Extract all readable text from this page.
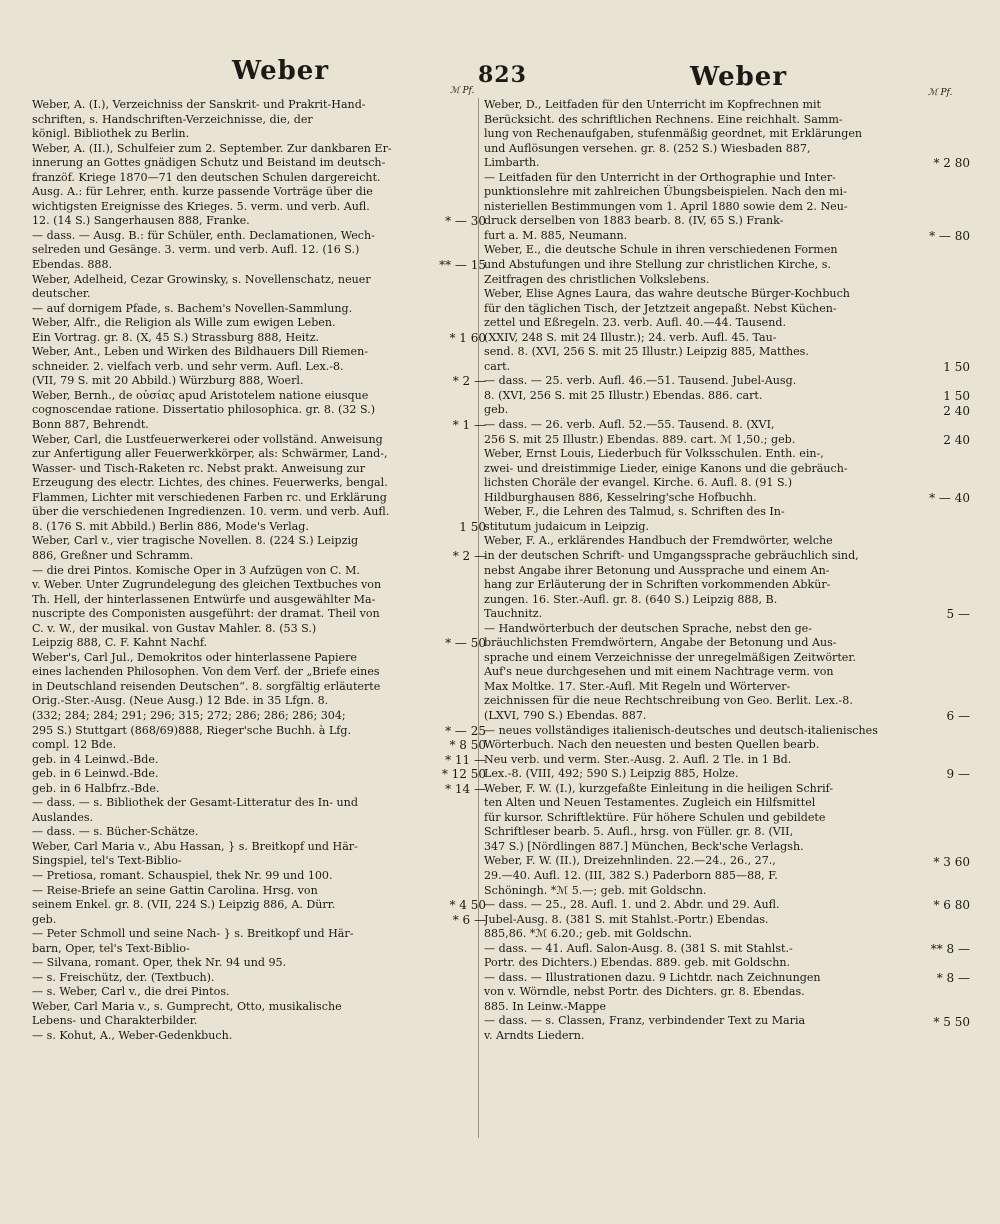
Weber	823	Weber
Weber, A. (I.), Verzeichniss der Sanskrit- und Prakrit-Hand-
schriften, s. Handschriften-Verzeichnisse, die, der
königl. Bibliothek zu Berlin.
Weber, A. (II.), Schulfeier zum 2. September. Zur dankbaren Er-
innerung an Gottes gnädigen Schutz und Beistand im deutsch-
franzöf. Kriege 1870—71 den deutschen Schulen dargereicht.
Ausg. A.: für Lehrer, enth. kurze passende Vorträge über die
wichtigsten Ereignisse des Krieges. 5. verm. und verb. Aufl.
12. (14 S.) Sangerhausen 888, Franke.
— dass. — Ausg. B.: für Schüler, enth. Declamationen, Wech-
selreden und Gesänge. 3. verm. und verb. Aufl. 12. (16 S.)
Ebendas. 888.
Weber, Adelheid, Cezar Growinsky, s. Novellenschatz, neuer
deutscher.
— auf dornigem Pfade, s. Bachem's Novellen-Sammlung.
Weber, Alfr., die Religion als Wille zum ewigen Leben.
Ein Vortrag. gr. 8. (X, 45 S.) Strassburg 888, Heitz.
Weber, Ant., Leben und Wirken des Bildhauers Dill Riemen-
schneider. 2. vielfach verb. und sehr verm. Aufl. Lex.-8.
(VII, 79 S. mit 20 Abbild.) Würzburg 888, Woerl.
Weber, Bernh., de οὐσίας apud Aristotelem natione eiusque
cognoscendae ratione. Dissertatio philosophica. gr. 8. (32 S.)
Bonn 887, Behrendt.
Weber, Carl, die Lustfeuerwerkerei oder vollständ. Anweisung
zur Anfertigung aller Feuerwerkkörper, als: Schwärmer, Land-,
Wasser- und Tisch-Raketen rc. Nebst prakt. Anweisung zur
Erzeugung des electr. Lichtes, des chines. Feuerwerks, bengal.
Flammen, Lichter mit verschiedenen Farben rc. und Erklärung
über die verschiedenen Ingredienzen. 10. verm. und verb. Aufl.
8. (176 S. mit Abbild.) Berlin 886, Mode's Verlag.
Weber, Carl v., vier tragische Novellen. 8. (224 S.) Leipzig
886, Greßner und Schramm.
— die drei Pintos. Komische Oper in 3 Aufzügen von C. M.
v. Weber. Unter Zugrundelegung des gleichen Textbuches von
Th. Hell, der hinterlassenen Entwürfe und ausgewählter Ma-
nuscripte des Componisten ausgeführt: der dramat. Theil von
C. v. W., der musikal. von Gustav Mahler. 8. (53 S.)
Leipzig 888, C. F. Kahnt Nachf.
Weber's, Carl Jul., Demokritos oder hinterlassene Papiere
eines lachenden Philosophen. Von dem Verf. der „Briefe eines
in Deutschland reisenden Deutschen“. 8. sorgfältig erläuterte
Orig.-Ster.-Ausg. (Neue Ausg.) 12 Bde. in 35 Lfgn. 8.
(332; 284; 284; 291; 296; 315; 272; 286; 286; 286; 304;
295 S.) Stuttgart (868/69)888, Rieger'sche Buchh. à Lfg.
compl. 12 Bde.
geb. in 4 Leinwd.-Bde.
geb. in 6 Leinwd.-Bde.
geb. in 6 Halbfrz.-Bde.
— dass. — s. Bibliothek der Gesamt-Litteratur des In- und
Auslandes.
— dass. — s. Bücher-Schätze.
Weber, Carl Maria v., Abu Hassan, } s. Breitkopf und Här-
Singspiel, tel's Text-Biblio-
— Pretiosa, romant. Schauspiel, thek Nr. 99 und 100.
— Reise-Briefe an seine Gattin Carolina. Hrsg. von
seinem Enkel. gr. 8. (VII, 224 S.) Leipzig 886, A. Dürr.
geb.
— Peter Schmoll und seine Nach- } s. Breitkopf und Här-
barn, Oper, tel's Text-Biblio-
— Silvana, romant. Oper, thek Nr. 94 und 95.
— s. Freischütz, der. (Textbuch).
— s. Weber, Carl v., die drei Pintos.
Weber, Carl Maria v., s. Gumprecht, Otto, musikalische
Lebens- und Charakterbilder.
— s. Kohut, A., Weber-Gedenkbuch.
ℳ Pf.
* — 30
** — 15
* 1 60
* 2 —
* 1 —
1 50
* 2 —
* — 50
* — 25
* 8 50
* 11 —
* 12 50
* 14 —
* 4 50
* 6 —
Weber, D., Leitfaden für den Unterricht im Kopfrechnen mit
Berücksicht. des schriftlichen Rechnens. Eine reichhalt. Samm-
lung von Rechenaufgaben, stufenmäßig geordnet, mit Erklärungen
und Auflösungen versehen. gr. 8. (252 S.) Wiesbaden 887,
Limbarth.
— Leitfaden für den Unterricht in der Orthographie und Inter-
punktionslehre mit zahlreichen Übungsbeispielen. Nach den mi-
nisteriellen Bestimmungen vom 1. April 1880 sowie dem 2. Neu-
druck derselben von 1883 bearb. 8. (IV, 65 S.) Frank-
furt a. M. 885, Neumann.
Weber, E., die deutsche Schule in ihren verschiedenen Formen
und Abstufungen und ihre Stellung zur christlichen Kirche, s.
Zeitfragen des christlichen Volkslebens.
Weber, Elise Agnes Laura, das wahre deutsche Bürger-Kochbuch
für den täglichen Tisch, der Jetztzeit angepaßt. Nebst Küchen-
zettel und Eßregeln. 23. verb. Aufl. 40.—44. Tausend.
(XXIV, 248 S. mit 24 Illustr.); 24. verb. Aufl. 45. Tau-
send. 8. (XVI, 256 S. mit 25 Illustr.) Leipzig 885, Matthes.
cart.
— dass. — 25. verb. Aufl. 46.—51. Tausend. Jubel-Ausg.
8. (XVI, 256 S. mit 25 Illustr.) Ebendas. 886. cart.
geb.
— dass. — 26. verb. Aufl. 52.—55. Tausend. 8. (XVI,
256 S. mit 25 Illustr.) Ebendas. 889. cart. ℳ 1,50.; geb.
Weber, Ernst Louis, Liederbuch für Volksschulen. Enth. ein-,
zwei- und dreistimmige Lieder, einige Kanons und die gebräuch-
lichsten Choräle der evangel. Kirche. 6. Aufl. 8. (91 S.)
Hildburghausen 886, Kesselring'sche Hofbuchh.
Weber, F., die Lehren des Talmud, s. Schriften des In-
stitutum judaicum in Leipzig.
Weber, F. A., erklärendes Handbuch der Fremdwörter, welche
in der deutschen Schrift- und Umgangssprache gebräuchlich sind,
nebst Angabe ihrer Betonung und Aussprache und einem An-
hang zur Erläuterung der in Schriften vorkommenden Abkür-
zungen. 16. Ster.-Aufl. gr. 8. (640 S.) Leipzig 888, B.
Tauchnitz.
— Handwörterbuch der deutschen Sprache, nebst den ge-
bräuchlichsten Fremdwörtern, Angabe der Betonung und Aus-
sprache und einem Verzeichnisse der unregelmäßigen Zeitwörter.
Auf's neue durchgesehen und mit einem Nachtrage verm. von
Max Moltke. 17. Ster.-Aufl. Mit Regeln und Wörterver-
zeichnissen für die neue Rechtschreibung von Geo. Berlit. Lex.-8.
(LXVI, 790 S.) Ebendas. 887.
— neues vollständiges italienisch-deutsches und deutsch-italienisches
Wörterbuch. Nach den neuesten und besten Quellen bearb.
Neu verb. und verm. Ster.-Ausg. 2. Aufl. 2 Tle. in 1 Bd.
Lex.-8. (VIII, 492; 590 S.) Leipzig 885, Holze.
Weber, F. W. (I.), kurzgefaßte Einleitung in die heiligen Schrif-
ten Alten und Neuen Testamentes. Zugleich ein Hilfsmittel
für kursor. Schriftlektüre. Für höhere Schulen und gebildete
Schriftleser bearb. 5. Aufl., hrsg. von Füller. gr. 8. (VII,
347 S.) [Nördlingen 887.] München, Beck'sche Verlagsh.
Weber, F. W. (II.), Dreizehnlinden. 22.—24., 26., 27.,
29.—40. Aufl. 12. (III, 382 S.) Paderborn 885—88, F.
Schöningh. *ℳ 5.—; geb. mit Goldschn.
— dass. — 25., 28. Aufl. 1. und 2. Abdr. und 29. Aufl.
Jubel-Ausg. 8. (381 S. mit Stahlst.-Portr.) Ebendas.
885,86. *ℳ 6.20.; geb. mit Goldschn.
— dass. — 41. Aufl. Salon-Ausg. 8. (381 S. mit Stahlst.-
Portr. des Dichters.) Ebendas. 889. geb. mit Goldschn.
— dass. — Illustrationen dazu. 9 Lichtdr. nach Zeichnungen
von v. Wörndle, nebst Portr. des Dichters. gr. 8. Ebendas.
885. In Leinw.-Mappe
— dass. — s. Classen, Franz, verbindender Text zu Maria
v. Arndts Liedern.
ℳ Pf.
* 2 80
* — 80
1 50
1 50
2 40
2 40
* — 40
5 —
6 —
9 —
* 3 60
* 6 80
** 8 —
* 8 —
* 5 50
